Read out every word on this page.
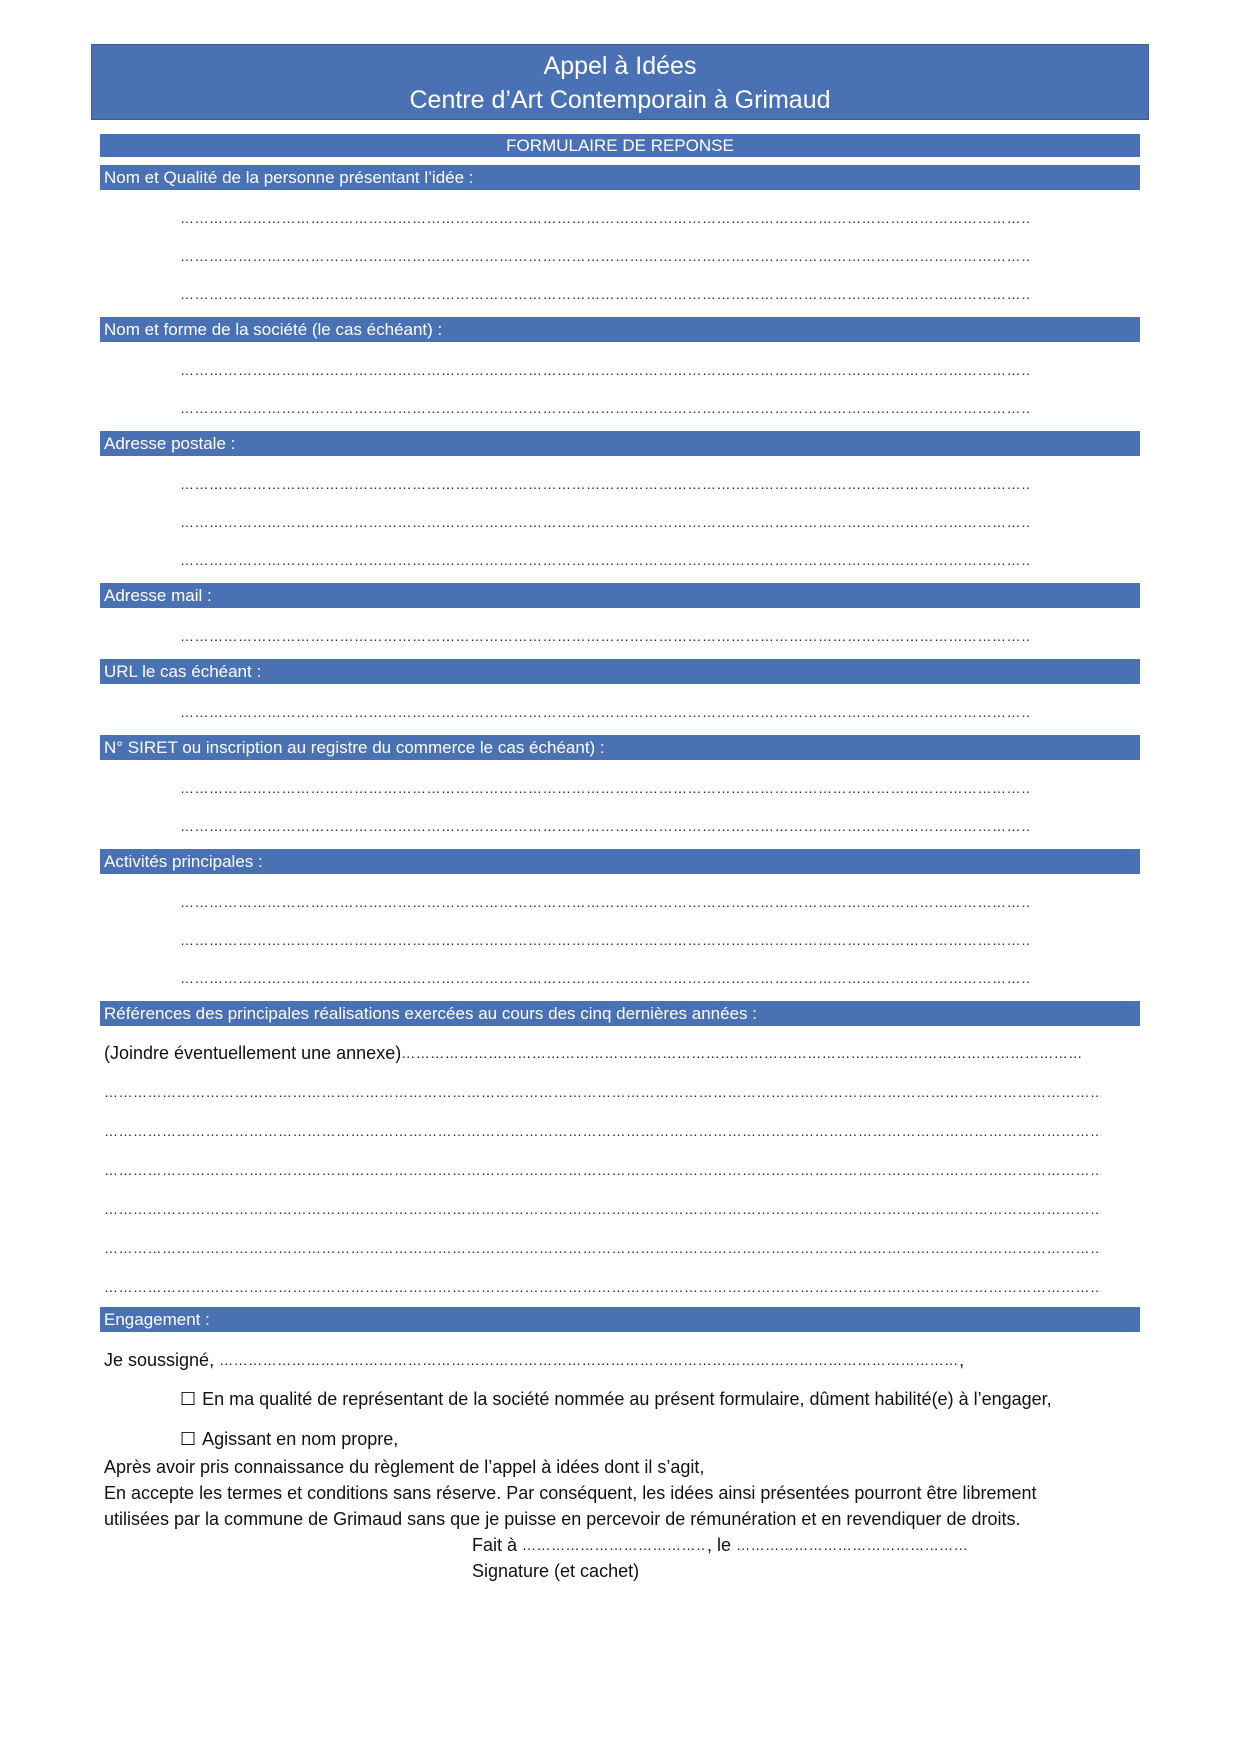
Appel à Idées
Centre d’Art Contemporain à Grimaud
FORMULAIRE DE REPONSE
Nom et Qualité de la personne présentant l’idée :
……………………………………………………………………………………………………………………………………………………………………………………………………………………………………
……………………………………………………………………………………………………………………………………………………………………………………………………………………………………
……………………………………………………………………………………………………………………………………………………………………………………………………………………………………
Nom et forme de la société (le cas échéant) :
……………………………………………………………………………………………………………………………………………………………………………………………………………………………………
……………………………………………………………………………………………………………………………………………………………………………………………………………………………………
Adresse postale :
……………………………………………………………………………………………………………………………………………………………………………………………………………………………………
……………………………………………………………………………………………………………………………………………………………………………………………………………………………………
……………………………………………………………………………………………………………………………………………………………………………………………………………………………………
Adresse mail :
……………………………………………………………………………………………………………………………………………………………………………………………………………………………………
URL le cas échéant :
……………………………………………………………………………………………………………………………………………………………………………………………………………………………………
N° SIRET ou inscription au registre du commerce le cas échéant) :
……………………………………………………………………………………………………………………………………………………………………………………………………………………………………
……………………………………………………………………………………………………………………………………………………………………………………………………………………………………
Activités principales :
……………………………………………………………………………………………………………………………………………………………………………………………………………………………………
……………………………………………………………………………………………………………………………………………………………………………………………………………………………………
……………………………………………………………………………………………………………………………………………………………………………………………………………………………………
Références des principales réalisations exercées au cours des cinq dernières années :
(Joindre éventuellement une annexe)…………………………………………………………………………………………………………………………………………………………………………
……………………………………………………………………………………………………………………………………………………………………………………………………………………………………
……………………………………………………………………………………………………………………………………………………………………………………………………………………………………
……………………………………………………………………………………………………………………………………………………………………………………………………………………………………
……………………………………………………………………………………………………………………………………………………………………………………………………………………………………
……………………………………………………………………………………………………………………………………………………………………………………………………………………………………
……………………………………………………………………………………………………………………………………………………………………………………………………………………………………
Engagement :
Je soussigné, …………………………………………………………………………………………………………………………………………………………………………	,
☐ En ma qualité de représentant de la société nommée au présent formulaire, dûment habilité(e) à l’engager,
☐ Agissant en nom propre,
Après avoir pris connaissance du règlement de l’appel à idées dont il s’agit,
En accepte les termes et conditions sans réserve. Par conséquent, les idées ainsi présentées pourront être librement
utilisées par la commune de Grimaud sans que je puisse en percevoir de rémunération et en revendiquer de droits.
Fait à …………………………………………………………………………………………………………………………………………………………………………	, le …………………………………………………………………………………………………………………………………………………………………………
Signature (et cachet)
